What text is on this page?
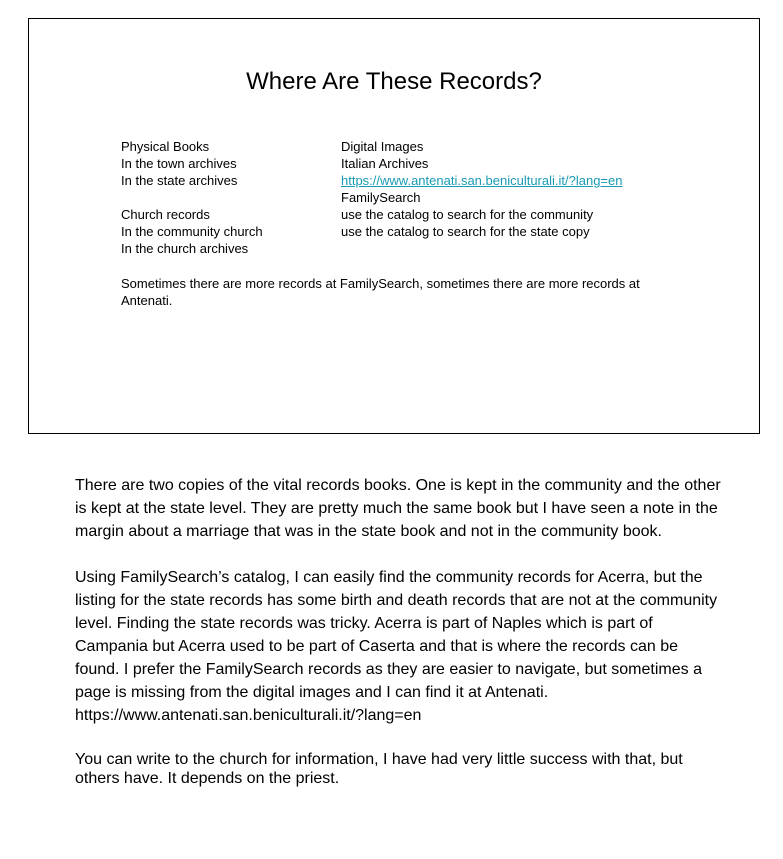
Where Are These Records?
Physical Books
In the town archives
In the state archives
Church records
In the community church
In the church archives
Digital Images
Italian Archives
https://www.antenati.san.beniculturali.it/?lang=en
FamilySearch
use the catalog to search for the community
use the catalog to search for the state copy
Sometimes there are more records at FamilySearch, sometimes there are more records at Antenati.

There are two copies of the vital records books. One is kept in the community and the other is kept at the state level. They are pretty much the same book but I have seen a note in the margin about a marriage that was in the state book and not in the community book.

Using FamilySearch’s catalog, I can easily find the community records for Acerra, but the listing for the state records has some birth and death records that are not at the community level. Finding the state records was tricky. Acerra is part of Naples which is part of Campania but Acerra used to be part of Caserta and that is where the records can be found. I prefer the FamilySearch records as they are easier to navigate, but sometimes a page is missing from the digital images and I can find it at Antenati. https://www.antenati.san.beniculturali.it/?lang=en

You can write to the church for information, I have had very little success with that, but others have. It depends on the priest.
